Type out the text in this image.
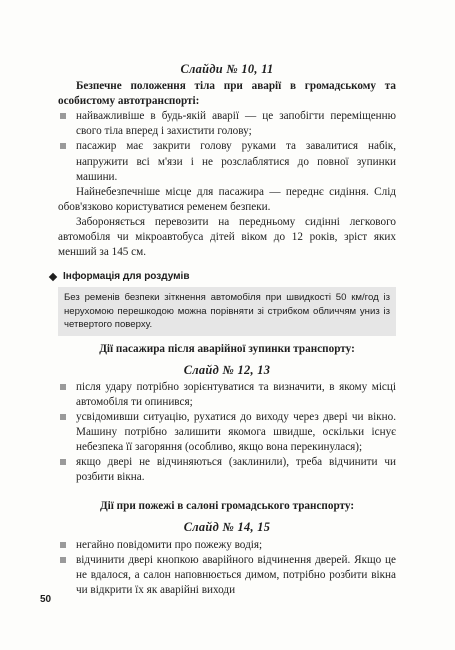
Слайди № 10, 11

Безпечне положення тіла при аварії в громадському та особистому автотранспорті:

найважливіше в будь-якій аварії — це запобігти переміщенню свого тіла вперед і захистити голову;
пасажир має закрити голову руками та завалитися набік, напружити всі м'язи і не розслаблятися до повної зупинки машини.

Найнебезпечніше місце для пасажира — переднє сидіння. Слід обов'язково користуватися ременем безпеки.

Забороняється перевозити на передньому сидінні легкового автомобіля чи мікроавтобуса дітей віком до 12 років, зріст яких менший за 145 см.

Інформація для роздумів
Без ременів безпеки зіткнення автомобіля при швидкості 50 км/год із нерухомою перешкодою можна порівняти зі стрибком обличчям униз із четвертого поверху.

Дії пасажира після аварійної зупинки транспорту:

Слайд № 12, 13
після удару потрібно зорієнтуватися та визначити, в якому місці автомобіля ти опинився;
усвідомивши ситуацію, рухатися до виходу через двері чи вікно. Машину потрібно залишити якомога швидше, оскільки існує небезпека її загоряння (особливо, якщо вона перекинулася);
якщо двері не відчиняються (заклинили), треба відчинити чи розбити вікна.

Дії при пожежі в салоні громадського транспорту:

Слайд № 14, 15
негайно повідомити про пожежу водія;
відчинити двері кнопкою аварійного відчинення дверей. Якщо це не вдалося, а салон наповнюється димом, потрібно розбити вікна чи відкрити їх як аварійні виходи
50
